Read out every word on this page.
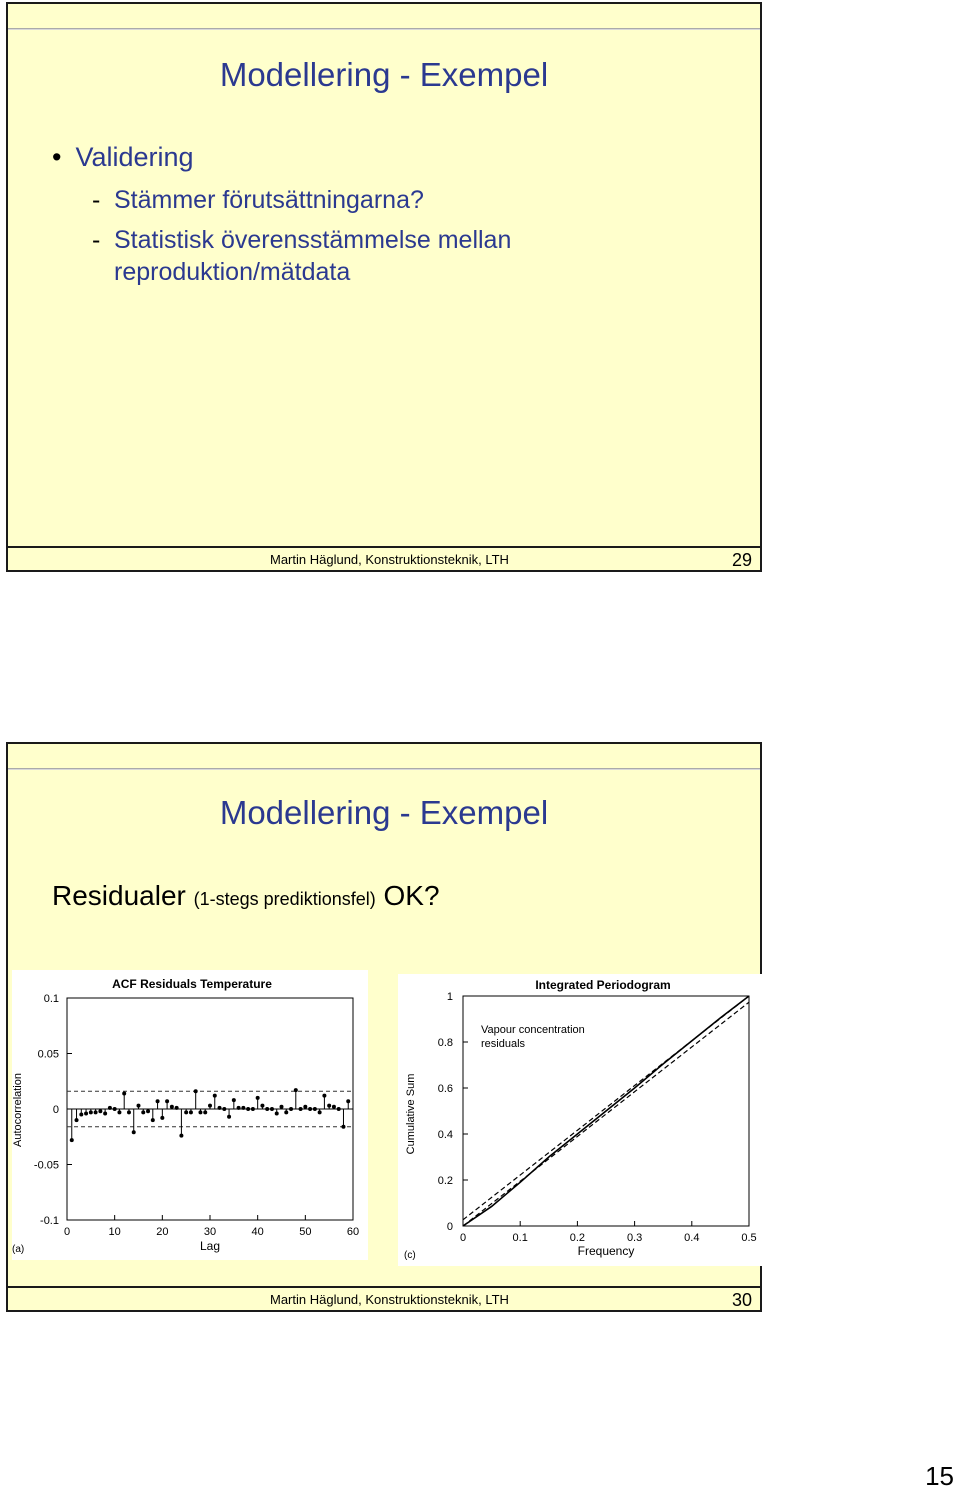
Modellering - Exempel
• Validering
- Stämmer förutsättningarna?
- Statistisk överensstämmelse mellan
reproduktion/mätdata
Martin Häglund, Konstruktionsteknik, LTH	29
Modellering - Exempel
Residualer (1-stegs prediktionsfel) OK?
ACF Residuals Temperature
0.1
0.05
0
-0.05
-0.1
0	10	20	30	40	50	60
Lag
Autocorrelation
(a)
Integrated Periodogram
1
0.8
0.6
0.4
0.2
0
0	0.1	0.2	0.3	0.4	0.5
Vapour concentration
residuals
Frequency
Cumulative Sum
(c)
Martin Häglund, Konstruktionsteknik, LTH	30
15
